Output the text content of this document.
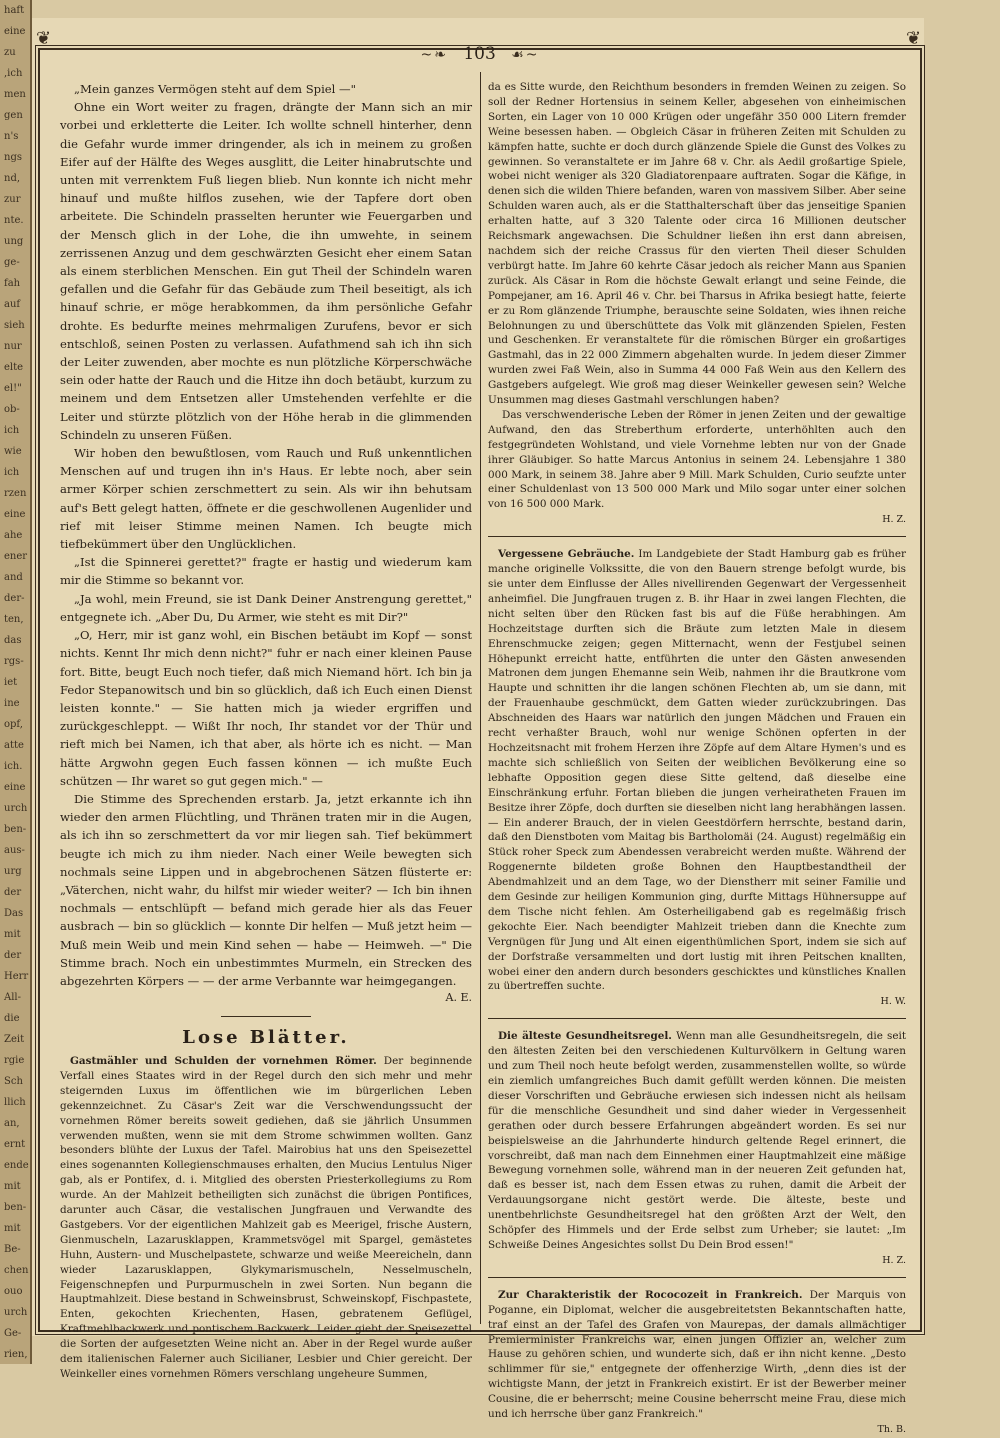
haft
eine
zu
,ich
men
gen
n's
ngs
nd,
zur
nte.
ung
ge-
fah
auf
sieh
nur
elte
el!"
ob-
ich
wie
ich
rzen
eine
ahe
ener
and
der-
ten,
das
rgs-
iet
ine
opf,
atte
ich.
eine
urch
ben-
aus-
urg
der
Das
mit
der
Herr
All-
die
Zeit
rgie
Sch
llich
an,
ernt
ende
mit
ben-
mit
Be-
chen
ouo
urch
Ge-
rien,
❦	❦
~❧ 103 ☙~

„Mein ganzes Vermögen steht auf dem Spiel —"

Ohne ein Wort weiter zu fragen, drängte der Mann sich an mir vorbei und erkletterte die Leiter. Ich wollte schnell hinterher, denn die Gefahr wurde immer dringender, als ich in meinem zu großen Eifer auf der Hälfte des Weges ausglitt, die Leiter hinabrutschte und unten mit verrenktem Fuß liegen blieb. Nun konnte ich nicht mehr hinauf und mußte hilflos zusehen, wie der Tapfere dort oben arbeitete. Die Schindeln prasselten herunter wie Feuergarben und der Mensch glich in der Lohe, die ihn umwehte, in seinem zerrissenen Anzug und dem geschwärzten Gesicht eher einem Satan als einem sterblichen Menschen. Ein gut Theil der Schindeln waren gefallen und die Gefahr für das Gebäude zum Theil beseitigt, als ich hinauf schrie, er möge herabkommen, da ihm persönliche Gefahr drohte. Es bedurfte meines mehrmaligen Zurufens, bevor er sich entschloß, seinen Posten zu verlassen. Aufathmend sah ich ihn sich der Leiter zuwenden, aber mochte es nun plötzliche Körperschwäche sein oder hatte der Rauch und die Hitze ihn doch betäubt, kurzum zu meinem und dem Entsetzen aller Umstehenden verfehlte er die Leiter und stürzte plötzlich von der Höhe herab in die glimmenden Schindeln zu unseren Füßen.

Wir hoben den bewußtlosen, vom Rauch und Ruß unkenntlichen Menschen auf und trugen ihn in's Haus. Er lebte noch, aber sein armer Körper schien zerschmettert zu sein. Als wir ihn behutsam auf's Bett gelegt hatten, öffnete er die geschwollenen Augenlider und rief mit leiser Stimme meinen Namen. Ich beugte mich tiefbekümmert über den Unglücklichen.

„Ist die Spinnerei gerettet?" fragte er hastig und wiederum kam mir die Stimme so bekannt vor.

„Ja wohl, mein Freund, sie ist Dank Deiner Anstrengung gerettet," entgegnete ich. „Aber Du, Du Armer, wie steht es mit Dir?"

„O, Herr, mir ist ganz wohl, ein Bischen betäubt im Kopf — sonst nichts. Kennt Ihr mich denn nicht?" fuhr er nach einer kleinen Pause fort. Bitte, beugt Euch noch tiefer, daß mich Niemand hört. Ich bin ja Fedor Stepanowitsch und bin so glücklich, daß ich Euch einen Dienst leisten konnte." — Sie hatten mich ja wieder ergriffen und zurückgeschleppt. — Wißt Ihr noch, Ihr standet vor der Thür und rieft mich bei Namen, ich that aber, als hörte ich es nicht. — Man hätte Argwohn gegen Euch fassen können — ich mußte Euch schützen — Ihr waret so gut gegen mich." —

Die Stimme des Sprechenden erstarb. Ja, jetzt erkannte ich ihn wieder den armen Flüchtling, und Thränen traten mir in die Augen, als ich ihn so zerschmettert da vor mir liegen sah. Tief bekümmert beugte ich mich zu ihm nieder. Nach einer Weile bewegten sich nochmals seine Lippen und in abgebrochenen Sätzen flüsterte er: „Väterchen, nicht wahr, du hilfst mir wieder weiter? — Ich bin ihnen nochmals — entschlüpft — befand mich gerade hier als das Feuer ausbrach — bin so glücklich — konnte Dir helfen — Muß jetzt heim — Muß mein Weib und mein Kind sehen — habe — Heimweh. —" Die Stimme brach. Noch ein unbestimmtes Murmeln, ein Strecken des abgezehrten Körpers — — der arme Verbannte war heimgegangen.

A. E.
Lose Blätter.

Gastmähler und Schulden der vornehmen Römer. Der beginnende Verfall eines Staates wird in der Regel durch den sich mehr und mehr steigernden Luxus im öffentlichen wie im bürgerlichen Leben gekennzeichnet. Zu Cäsar's Zeit war die Verschwendungssucht der vornehmen Römer bereits soweit gediehen, daß sie jährlich Unsummen verwenden mußten, wenn sie mit dem Strome schwimmen wollten. Ganz besonders blühte der Luxus der Tafel. Mairobius hat uns den Speisezettel eines sogenannten Kollegienschmauses erhalten, den Mucius Lentulus Niger gab, als er Pontifex, d. i. Mitglied des obersten Priesterkollegiums zu Rom wurde. An der Mahlzeit betheiligten sich zunächst die übrigen Pontifices, darunter auch Cäsar, die vestalischen Jungfrauen und Verwandte des Gastgebers. Vor der eigentlichen Mahlzeit gab es Meerigel, frische Austern, Gienmuscheln, Lazarusklappen, Krammetsvögel mit Spargel, gemästetes Huhn, Austern- und Muschelpastete, schwarze und weiße Meereicheln, dann wieder Lazarusklappen, Glykymarismuscheln, Nesselmuscheln, Feigenschnepfen und Purpurmuscheln in zwei Sorten. Nun begann die Hauptmahlzeit. Diese bestand in Schweinsbrust, Schweinskopf, Fischpastete, Enten, gekochten Kriechenten, Hasen, gebratenem Geflügel, Kraftmehlbackwerk und pontischem Backwerk. Leider giebt der Speisezettel die Sorten der aufgesetzten Weine nicht an. Aber in der Regel wurde außer dem italienischen Falerner auch Sicilianer, Lesbier und Chier gereicht. Der Weinkeller eines vornehmen Römers verschlang ungeheure Summen,

da es Sitte wurde, den Reichthum besonders in fremden Weinen zu zeigen. So soll der Redner Hortensius in seinem Keller, abgesehen von einheimischen Sorten, ein Lager von 10 000 Krügen oder ungefähr 350 000 Litern fremder Weine besessen haben. — Obgleich Cäsar in früheren Zeiten mit Schulden zu kämpfen hatte, suchte er doch durch glänzende Spiele die Gunst des Volkes zu gewinnen. So veranstaltete er im Jahre 68 v. Chr. als Aedil großartige Spiele, wobei nicht weniger als 320 Gladiatorenpaare auftraten. Sogar die Käfige, in denen sich die wilden Thiere befanden, waren von massivem Silber. Aber seine Schulden waren auch, als er die Statthalterschaft über das jenseitige Spanien erhalten hatte, auf 3 320 Talente oder circa 16 Millionen deutscher Reichsmark angewachsen. Die Schuldner ließen ihn erst dann abreisen, nachdem sich der reiche Crassus für den vierten Theil dieser Schulden verbürgt hatte. Im Jahre 60 kehrte Cäsar jedoch als reicher Mann aus Spanien zurück. Als Cäsar in Rom die höchste Gewalt erlangt und seine Feinde, die Pompejaner, am 16. April 46 v. Chr. bei Tharsus in Afrika besiegt hatte, feierte er zu Rom glänzende Triumphe, berauschte seine Soldaten, wies ihnen reiche Belohnungen zu und überschüttete das Volk mit glänzenden Spielen, Festen und Geschenken. Er veranstaltete für die römischen Bürger ein großartiges Gastmahl, das in 22 000 Zimmern abgehalten wurde. In jedem dieser Zimmer wurden zwei Faß Wein, also in Summa 44 000 Faß Wein aus den Kellern des Gastgebers aufgelegt. Wie groß mag dieser Weinkeller gewesen sein? Welche Unsummen mag dieses Gastmahl verschlungen haben?

Das verschwenderische Leben der Römer in jenen Zeiten und der gewaltige Aufwand, den das Streberthum erforderte, unterhöhlten auch den festgegründeten Wohlstand, und viele Vornehme lebten nur von der Gnade ihrer Gläubiger. So hatte Marcus Antonius in seinem 24. Lebensjahre 1 380 000 Mark, in seinem 38. Jahre aber 9 Mill. Mark Schulden, Curio seufzte unter einer Schuldenlast von 13 500 000 Mark und Milo sogar unter einer solchen von 16 500 000 Mark.

H. Z.

Vergessene Gebräuche. Im Landgebiete der Stadt Hamburg gab es früher manche originelle Volkssitte, die von den Bauern strenge befolgt wurde, bis sie unter dem Einflusse der Alles nivellirenden Gegenwart der Vergessenheit anheimfiel. Die Jungfrauen trugen z. B. ihr Haar in zwei langen Flechten, die nicht selten über den Rücken fast bis auf die Füße herabhingen. Am Hochzeitstage durften sich die Bräute zum letzten Male in diesem Ehrenschmucke zeigen; gegen Mitternacht, wenn der Festjubel seinen Höhepunkt erreicht hatte, entführten die unter den Gästen anwesenden Matronen dem jungen Ehemanne sein Weib, nahmen ihr die Brautkrone vom Haupte und schnitten ihr die langen schönen Flechten ab, um sie dann, mit der Frauenhaube geschmückt, dem Gatten wieder zurückzubringen. Das Abschneiden des Haars war natürlich den jungen Mädchen und Frauen ein recht verhaßter Brauch, wohl nur wenige Schönen opferten in der Hochzeitsnacht mit frohem Herzen ihre Zöpfe auf dem Altare Hymen's und es machte sich schließlich von Seiten der weiblichen Bevölkerung eine so lebhafte Opposition gegen diese Sitte geltend, daß dieselbe eine Einschränkung erfuhr. Fortan blieben die jungen verheiratheten Frauen im Besitze ihrer Zöpfe, doch durften sie dieselben nicht lang herabhängen lassen. — Ein anderer Brauch, der in vielen Geestdörfern herrschte, bestand darin, daß den Dienstboten vom Maitag bis Bartholomäi (24. August) regelmäßig ein Stück roher Speck zum Abendessen verabreicht werden mußte. Während der Roggenernte bildeten große Bohnen den Hauptbestandtheil der Abendmahlzeit und an dem Tage, wo der Dienstherr mit seiner Familie und dem Gesinde zur heiligen Kommunion ging, durfte Mittags Hühnersuppe auf dem Tische nicht fehlen. Am Osterheiligabend gab es regelmäßig frisch gekochte Eier. Nach beendigter Mahlzeit trieben dann die Knechte zum Vergnügen für Jung und Alt einen eigenthümlichen Sport, indem sie sich auf der Dorfstraße versammelten und dort lustig mit ihren Peitschen knallten, wobei einer den andern durch besonders geschicktes und künstliches Knallen zu übertreffen suchte.

H. W.

Die älteste Gesundheitsregel. Wenn man alle Gesundheitsregeln, die seit den ältesten Zeiten bei den verschiedenen Kulturvölkern in Geltung waren und zum Theil noch heute befolgt werden, zusammenstellen wollte, so würde ein ziemlich umfangreiches Buch damit gefüllt werden können. Die meisten dieser Vorschriften und Gebräuche erwiesen sich indessen nicht als heilsam für die menschliche Gesundheit und sind daher wieder in Vergessenheit gerathen oder durch bessere Erfahrungen abgeändert worden. Es sei nur beispielsweise an die Jahrhunderte hindurch geltende Regel erinnert, die vorschreibt, daß man nach dem Einnehmen einer Hauptmahlzeit eine mäßige Bewegung vornehmen solle, während man in der neueren Zeit gefunden hat, daß es besser ist, nach dem Essen etwas zu ruhen, damit die Arbeit der Verdauungsorgane nicht gestört werde. Die älteste, beste und unentbehrlichste Gesundheitsregel hat den größten Arzt der Welt, den Schöpfer des Himmels und der Erde selbst zum Urheber; sie lautet: „Im Schweiße Deines Angesichtes sollst Du Dein Brod essen!"

H. Z.

Zur Charakteristik der Rococozeit in Frankreich. Der Marquis von Poganne, ein Diplomat, welcher die ausgebreitetsten Bekanntschaften hatte, traf einst an der Tafel des Grafen von Maurepas, der damals allmächtiger Premierminister Frankreichs war, einen jungen Offizier an, welcher zum Hause zu gehören schien, und wunderte sich, daß er ihn nicht kenne. „Desto schlimmer für sie," entgegnete der offenherzige Wirth, „denn dies ist der wichtigste Mann, der jetzt in Frankreich existirt. Er ist der Bewerber meiner Cousine, die er beherrscht; meine Cousine beherrscht meine Frau, diese mich und ich herrsche über ganz Frankreich."

Th. B.
